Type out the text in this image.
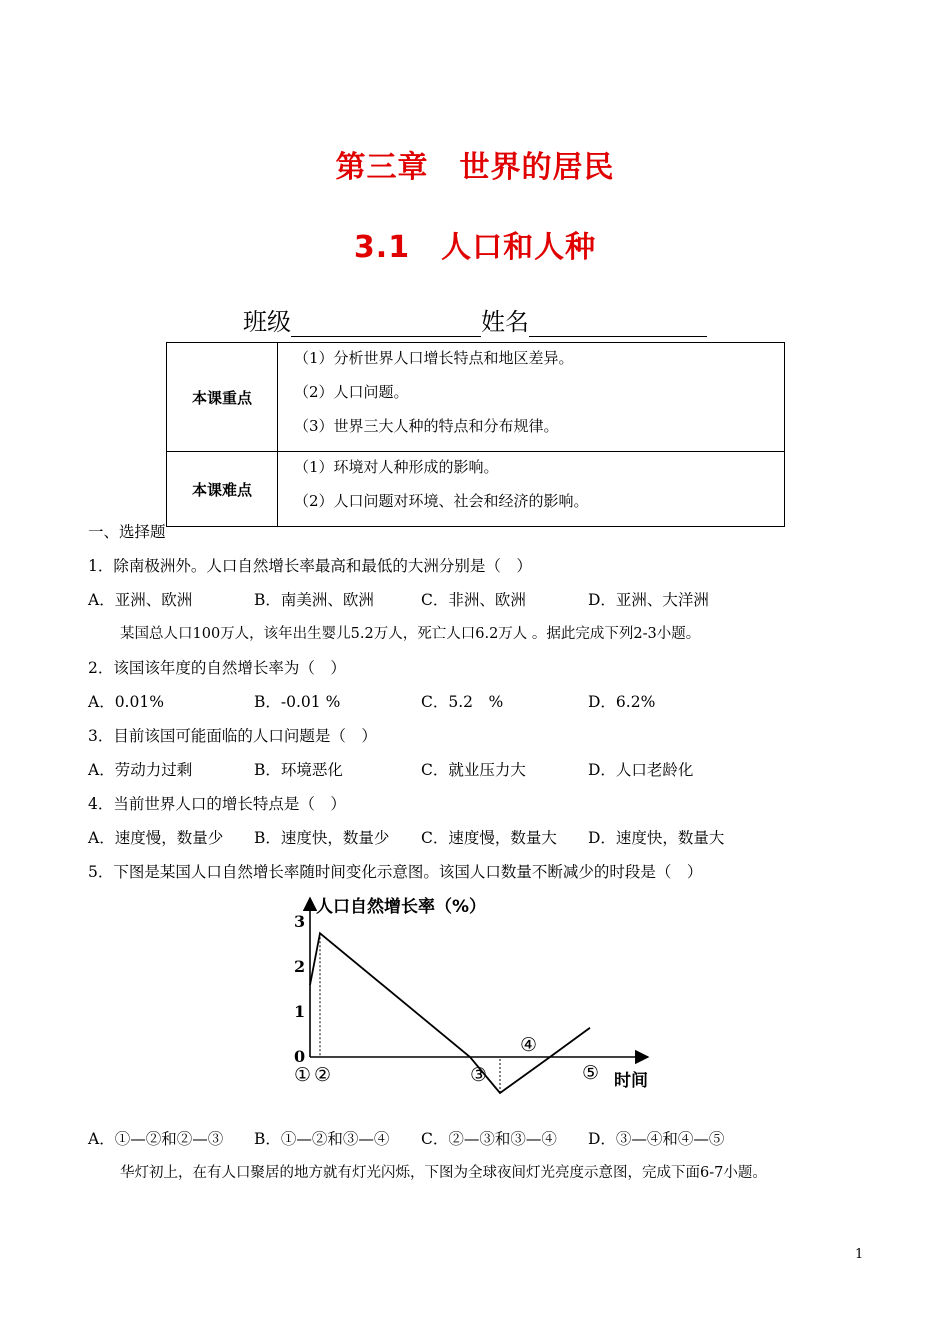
第三章　世界的居民
3.1　人口和人种
班级	姓名
本课重点	（1）分析世界人口增长特点和地区差异。
（2）人口问题。
（3）世界三大人种的特点和分布规律。

本课难点	（1）环境对人种形成的影响。
（2）人口问题对环境、社会和经济的影响。
一、选择题
1．除南极洲外。人口自然增长率最高和最低的大洲分别是（　）
A．亚洲、欧洲	B．南美洲、欧洲	C．非洲、欧洲	D．亚洲、大洋洲
某国总人口100万人，该年出生婴儿5.2万人，死亡人口6.2万人 。据此完成下列2-3小题。
2．该国该年度的自然增长率为（　）
A．0.01%	B．-0.01 %	C．5.2　%	D．6.2%
3．目前该国可能面临的人口问题是（　）
A．劳动力过剩	B．环境恶化	C．就业压力大	D．人口老龄化
4．当前世界人口的增长特点是（　）
A．速度慢，数量少 B．速度快，数量少 C．速度慢，数量大 D．速度快，数量大
5．下图是某国人口自然增长率随时间变化示意图。该国人口数量不断减少的时段是（　）
人口自然增长率（%）
时间
0
1
2
3
① ②	③
④
⑤
A．①—②和②—③ B．①—②和③—④ C．②—③和③—④ D．③—④和④—⑤
华灯初上，在有人口聚居的地方就有灯光闪烁，下图为全球夜间灯光亮度示意图，完成下面6-7小题。
1
